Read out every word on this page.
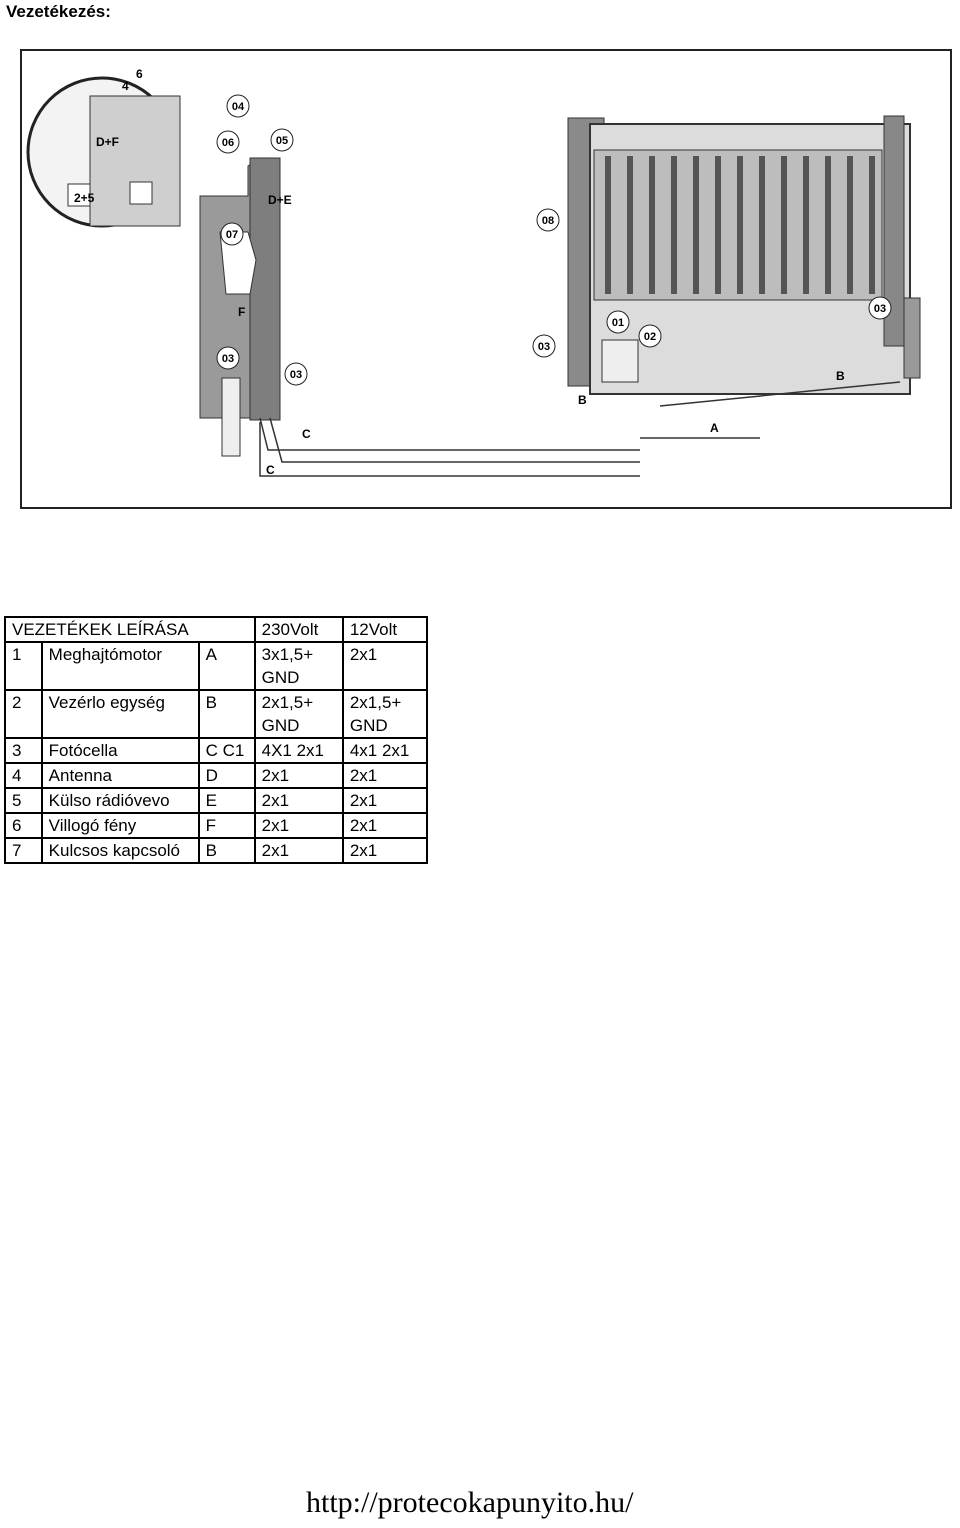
Vezetékezés:
04
06	05
07
03
03
08
03
01
02
03
D+F
D+E
F
C
C
B
A
B
4
6
2+5
VEZETÉKEK LEÍRÁSA			230Volt	12Volt
1	Meghajtómotor	A	3x1,5+ GND	2x1
2	Vezérlo egység	B	2x1,5+ GND	2x1,5+ GND
3	Fotócella	C C1	4X1 2x1	4x1 2x1
4	Antenna	D	2x1	2x1
5	Külso rádióvevo	E	2x1	2x1
6	Villogó fény	F	2x1	2x1
7	Kulcsos kapcsoló	B	2x1	2x1
http://protecokapunyito.hu/
